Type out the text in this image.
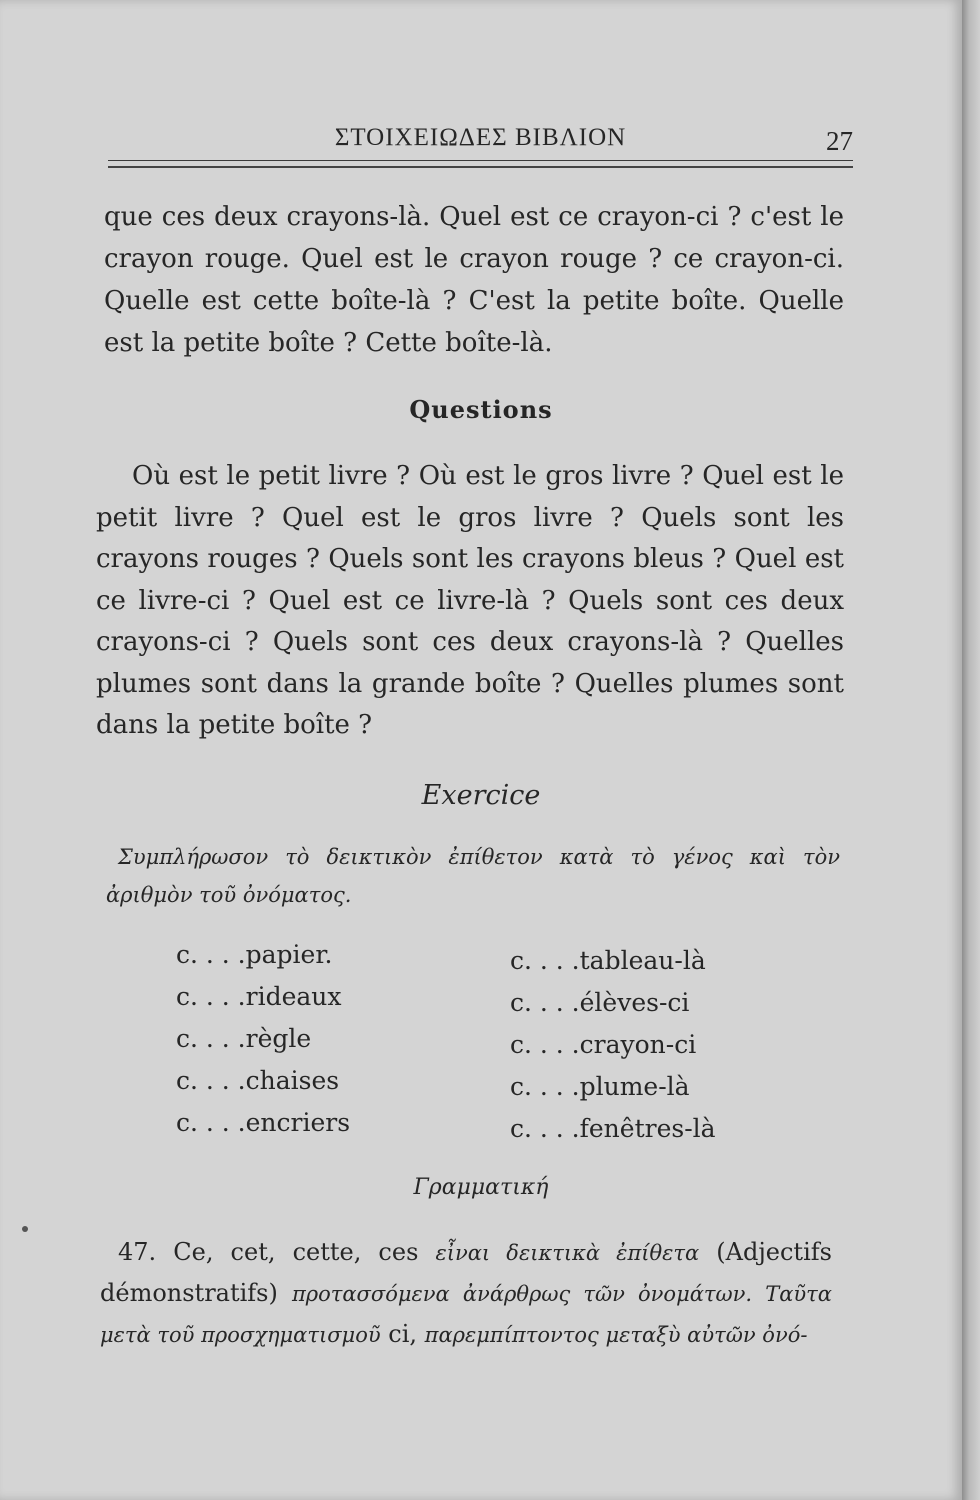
ΣΤΟΙΧΕΙΩΔΕΣ ΒΙΒΛΙΟΝ	27
que ces deux crayons-là. Quel est ce crayon-ci ? c'est le crayon rouge. Quel est le crayon rouge ? ce crayon-ci. Quelle est cette boîte-là ? C'est la petite boîte. Quelle est la petite boîte ? Cette boîte-là.
Questions
Où est le petit livre ? Où est le gros livre ? Quel est le petit livre ? Quel est le gros livre ? Quels sont les crayons rouges ? Quels sont les crayons bleus ? Quel est ce livre-ci ? Quel est ce livre-là ? Quels sont ces deux crayons-ci ? Quels sont ces deux crayons-là ? Quelles plumes sont dans la grande boîte ? Quelles plumes sont dans la petite boîte ?
Exercice
Συμπλήρωσον τὸ δεικτικὸν ἐπίθετον κατὰ τὸ γένος καὶ τὸν ἀριθμὸν τοῦ ὀνόματος.
c. . . .papier.
c. . . .rideaux
c. . . .règle
c. . . .chaises
c. . . .encriers
c. . . .tableau-là
c. . . .élèves-ci
c. . . .crayon-ci
c. . . .plume-là
c. . . .fenêtres-là
Γραμματική
47. Ce, cet, cette, ces εἶναι δεικτικὰ ἐπίθετα (Adjectifs démonstratifs) προτασσόμενα ἀνάρθρως τῶν ὀνομάτων. Ταῦτα μετὰ τοῦ προσχηματισμοῦ ci, παρεμπίπτοντος μεταξὺ αὐτῶν ὀνό-
